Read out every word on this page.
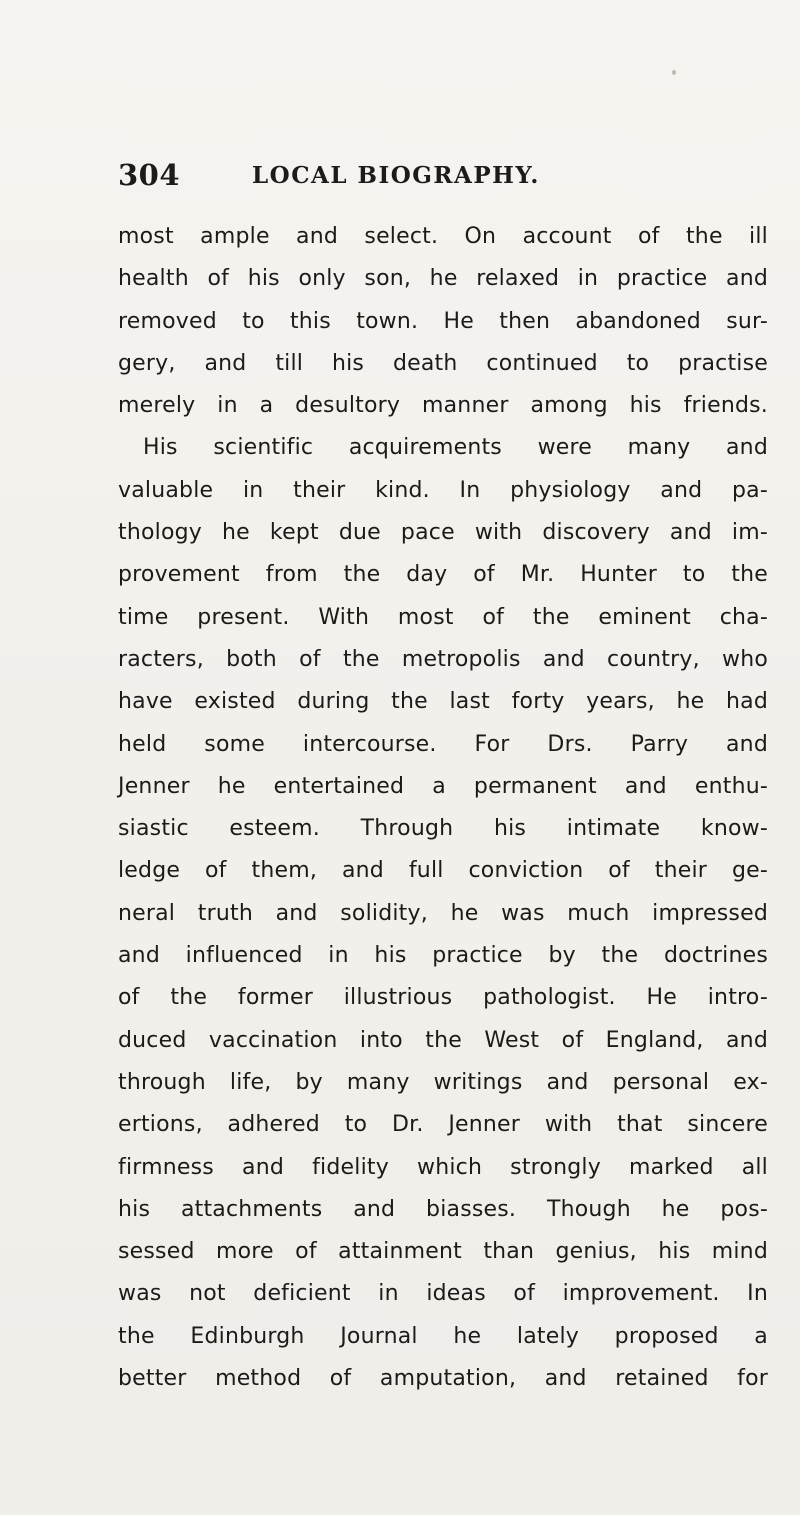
304	LOCAL BIOGRAPHY.
most ample and select. On account of the ill
health of his only son, he relaxed in practice and
removed to this town. He then abandoned sur-
gery, and till his death continued to practise
merely in a desultory manner among his friends.
His scientific acquirements were many and
valuable in their kind. In physiology and pa-
thology he kept due pace with discovery and im-
provement from the day of Mr. Hunter to the
time present. With most of the eminent cha-
racters, both of the metropolis and country, who
have existed during the last forty years, he had
held some intercourse. For Drs. Parry and
Jenner he entertained a permanent and enthu-
siastic esteem. Through his intimate know-
ledge of them, and full conviction of their ge-
neral truth and solidity, he was much impressed
and influenced in his practice by the doctrines
of the former illustrious pathologist. He intro-
duced vaccination into the West of England, and
through life, by many writings and personal ex-
ertions, adhered to Dr. Jenner with that sincere
firmness and fidelity which strongly marked all
his attachments and biasses. Though he pos-
sessed more of attainment than genius, his mind
was not deficient in ideas of improvement. In
the Edinburgh Journal he lately proposed a
better method of amputation, and retained for
